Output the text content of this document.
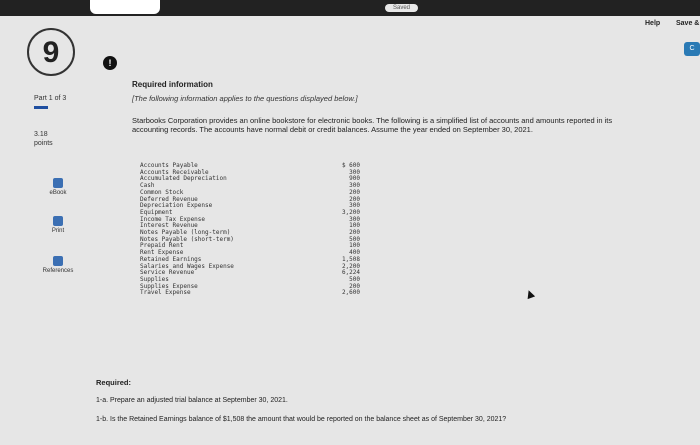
Saved
Help Save &
C
9	!
Part 1 of 3
3.18
points
eBook
Print
References
Required information
[The following information applies to the questions displayed below.]
Starbooks Corporation provides an online bookstore for electronic books. The following is a simplified list of accounts and amounts reported in its accounting records. The accounts have normal debit or credit balances. Assume the year ended on September 30, 2021.
Accounts Payable	$ 600
Accounts Receivable	300
Accumulated Depreciation	900
Cash	300
Common Stock	200
Deferred Revenue	200
Depreciation Expense	300
Equipment	3,200
Income Tax Expense	300
Interest Revenue	100
Notes Payable (long-term)	200
Notes Payable (short-term)	500
Prepaid Rent	100
Rent Expense	400
Retained Earnings	1,508
Salaries and Wages Expense	2,200
Service Revenue	6,224
Supplies	500
Supplies Expense	200
Travel Expense	2,600
Required:
1-a. Prepare an adjusted trial balance at September 30, 2021.
1-b. Is the Retained Earnings balance of $1,508 the amount that would be reported on the balance sheet as of September 30, 2021?
